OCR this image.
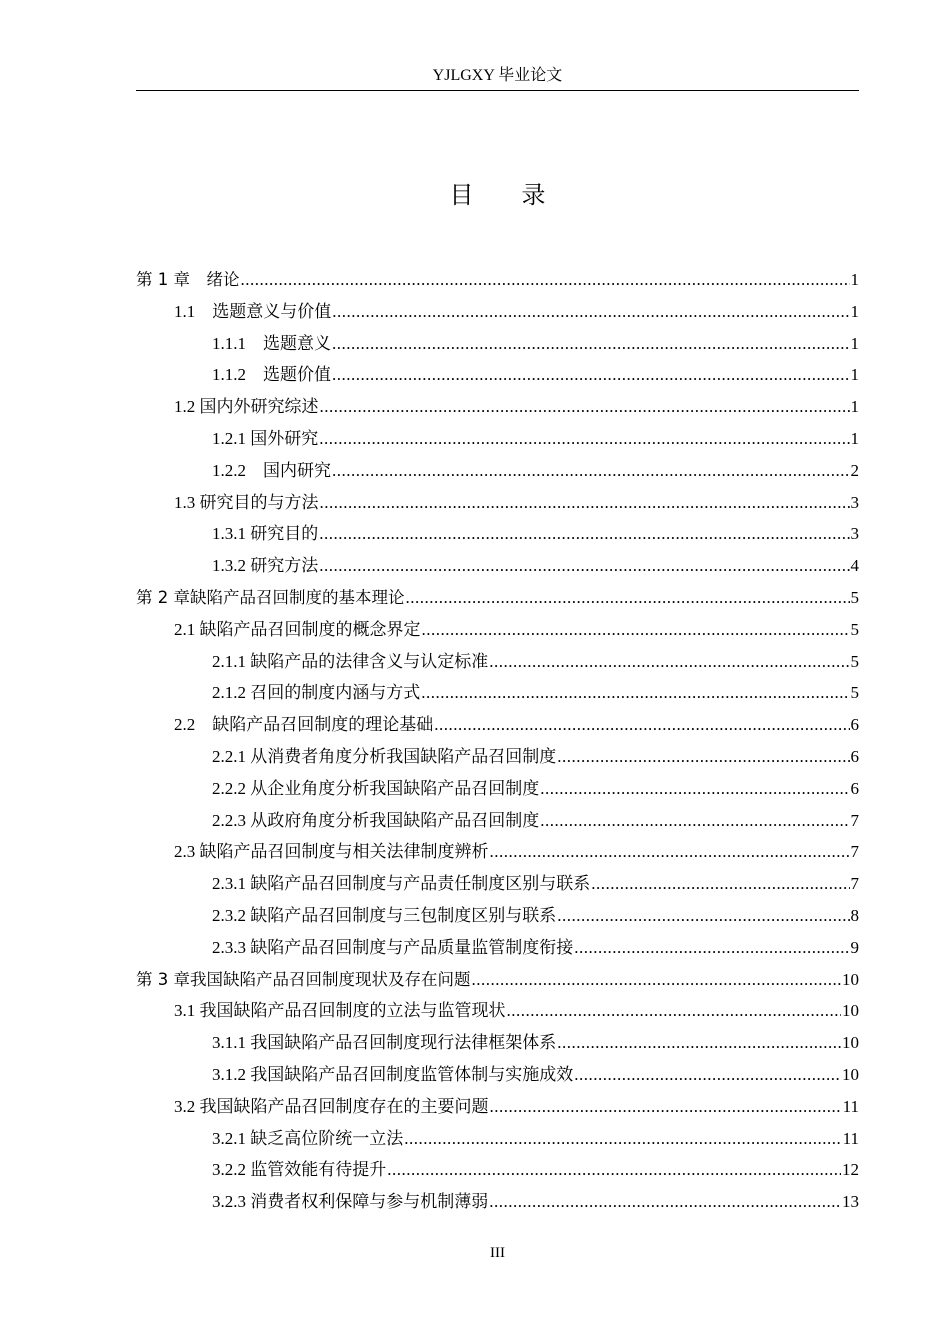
YJLGXY 毕业论文
目 录
第 1 章　绪论 .....	1
1.1　选题意义与价值 .....	1
1.1.1　选题意义 .....	1
1.1.2　选题价值 .....	1
1.2 国内外研究综述 .....	1
1.2.1 国外研究 .....	1
1.2.2　国内研究 .....	2
1.3 研究目的与方法 .....	3
1.3.1 研究目的 .....	3
1.3.2 研究方法 .....	4
第 2 章缺陷产品召回制度的基本理论 .....	5
2.1 缺陷产品召回制度的概念界定 .....	5
2.1.1 缺陷产品的法律含义与认定标准 .....	5
2.1.2 召回的制度内涵与方式 .....	5
2.2　缺陷产品召回制度的理论基础 .....	6
2.2.1 从消费者角度分析我国缺陷产品召回制度 .....	6
2.2.2 从企业角度分析我国缺陷产品召回制度 .....	6
2.2.3 从政府角度分析我国缺陷产品召回制度 .....	7
2.3 缺陷产品召回制度与相关法律制度辨析 .....	7
2.3.1 缺陷产品召回制度与产品责任制度区别与联系 .....	7
2.3.2 缺陷产品召回制度与三包制度区别与联系 .....	8
2.3.3 缺陷产品召回制度与产品质量监管制度衔接 .....	9
第 3 章我国缺陷产品召回制度现状及存在问题 .....	10
3.1 我国缺陷产品召回制度的立法与监管现状 .....	10
3.1.1 我国缺陷产品召回制度现行法律框架体系 .....	10
3.1.2 我国缺陷产品召回制度监管体制与实施成效 .....	10
3.2 我国缺陷产品召回制度存在的主要问题 .....	11
3.2.1 缺乏高位阶统一立法 .....	11
3.2.2 监管效能有待提升 .....	12
3.2.3 消费者权利保障与参与机制薄弱 .....	13
III
